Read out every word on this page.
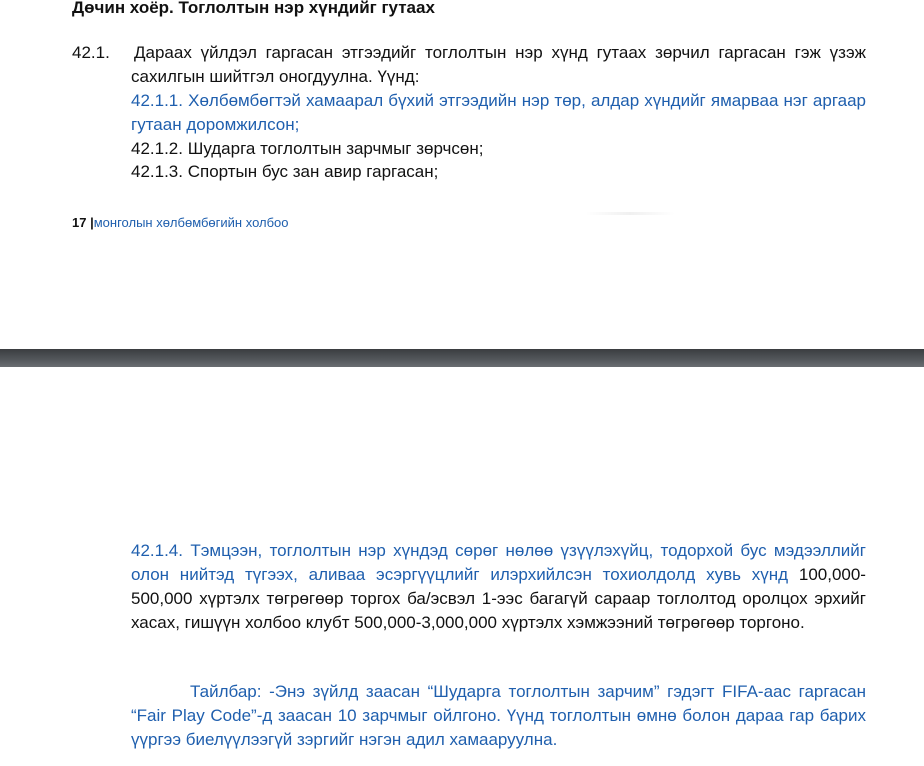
Дөчин хоёр. Тоглолтын нэр хүндийг гутаах
42.1. Дараах үйлдэл гаргасан этгээдийг тоглолтын нэр хүнд гутаах зөрчил гаргасан гэж үзэж сахилгын шийтгэл оногдуулна. Үүнд:
42.1.1. Хөлбөмбөгтэй хамаарал бүхий этгээдийн нэр төр, алдар хүндийг ямарваа нэг аргаар гутаан доромжилсон;
42.1.2. Шударга тоглолтын зарчмыг зөрчсөн;
42.1.3. Спортын бус зан авир гаргасан;
17 |монголын хөлбөмбөгийн холбоо
42.1.4. Тэмцээн, тоглолтын нэр хүндэд сөрөг нөлөө үзүүлэхүйц, тодорхой бус мэдээллийг олон нийтэд түгээх, аливаа эсэргүүцлийг илэрхийлсэн тохиолдолд хувь хүнд 100,000- 500,000 хүртэлх төгрөгөөр торгох ба/эсвэл 1-ээс багагүй сараар тоглолтод оролцох эрхийг хасах, гишүүн холбоо клубт 500,000-3,000,000 хүртэлх хэмжээний төгрөгөөр торгоно.
Тайлбар: -Энэ зүйлд заасан “Шударга тоглолтын зарчим” гэдэгт FIFA-аас гаргасан “Fair Play Code”-д заасан 10 зарчмыг ойлгоно. Үүнд тоглолтын өмнө болон дараа гар барих үүргээ биелүүлээгүй зэргийг нэгэн адил хамааруулна.
